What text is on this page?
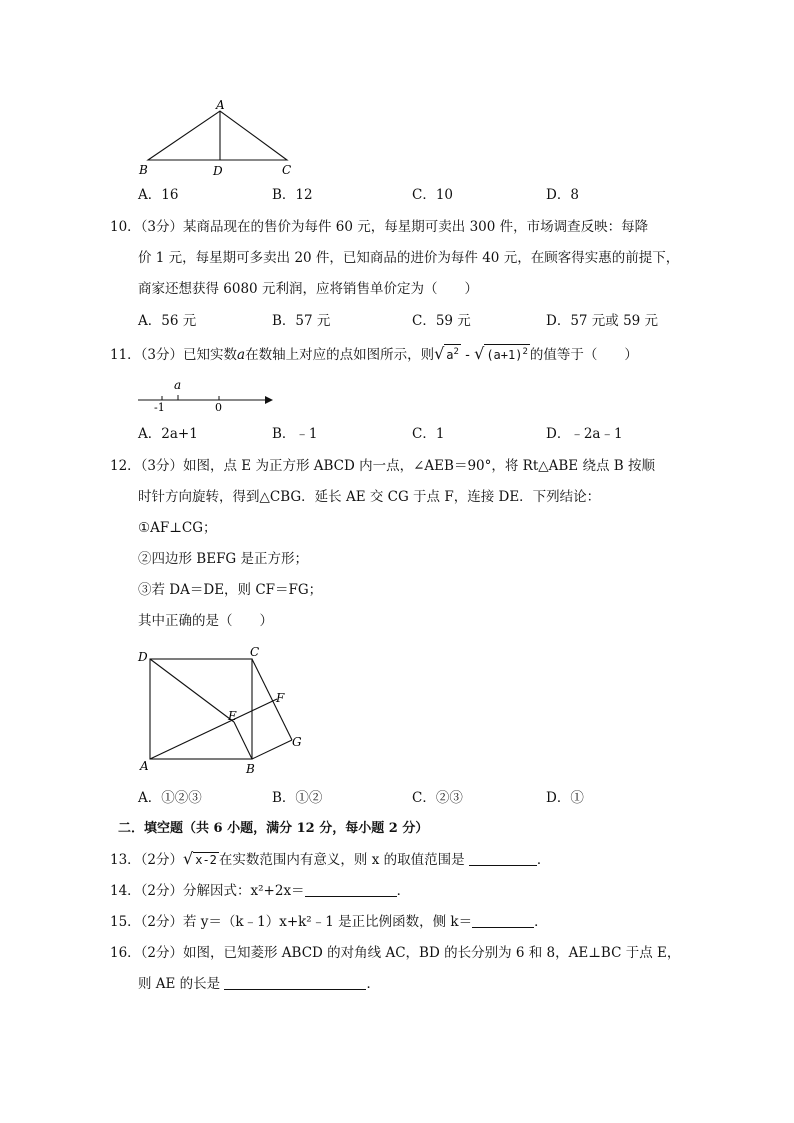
A
B	D	C
A．16	B．12	C．10	D．8
10．（3分）某商品现在的售价为每件 60 元，每星期可卖出 300 件，市场调查反映：每降
价 1 元，每星期可多卖出 20 件，已知商品的进价为每件 40 元，在顾客得实惠的前提下，
商家还想获得 6080 元利润，应将销售单价定为（　　）
A．56 元	B．57 元	C．59 元	D．57 元或 59 元
11．（3分）已知实数a在数轴上对应的点如图所示，则√ $a^2$ - √ $(a+1)^2$ 的值等于（　　）
a
-1	0
A．2a+1	B．﹣1	C．1	D．﹣2a﹣1
12．（3分）如图，点 E 为正方形 ABCD 内一点，∠AEB＝90°，将 Rt△ABE 绕点 B 按顺
时针方向旋转，得到△CBG．延长 AE 交 CG 于点 F，连接 DE．下列结论：
①AF⊥CG；
②四边形 BEFG 是正方形；
③若 DA＝DE，则 CF＝FG；
其中正确的是（　　）
D	C
F
E
G
A	B
A．①②③	B．①②	C．②③	D．①
二．填空题（共 6 小题，满分 12 分，每小题 2 分）
13．（2分）√ x-2 在实数范围内有意义，则 x 的取值范围是	．
14．（2分）分解因式：x²+2x＝	．
15．（2分）若 y＝（k﹣1）x+k²﹣1 是正比例函数，侧 k＝	．
16．（2分）如图，已知菱形 ABCD 的对角线 AC，BD 的长分别为 6 和 8，AE⊥BC 于点 E，
则 AE 的长是	．
